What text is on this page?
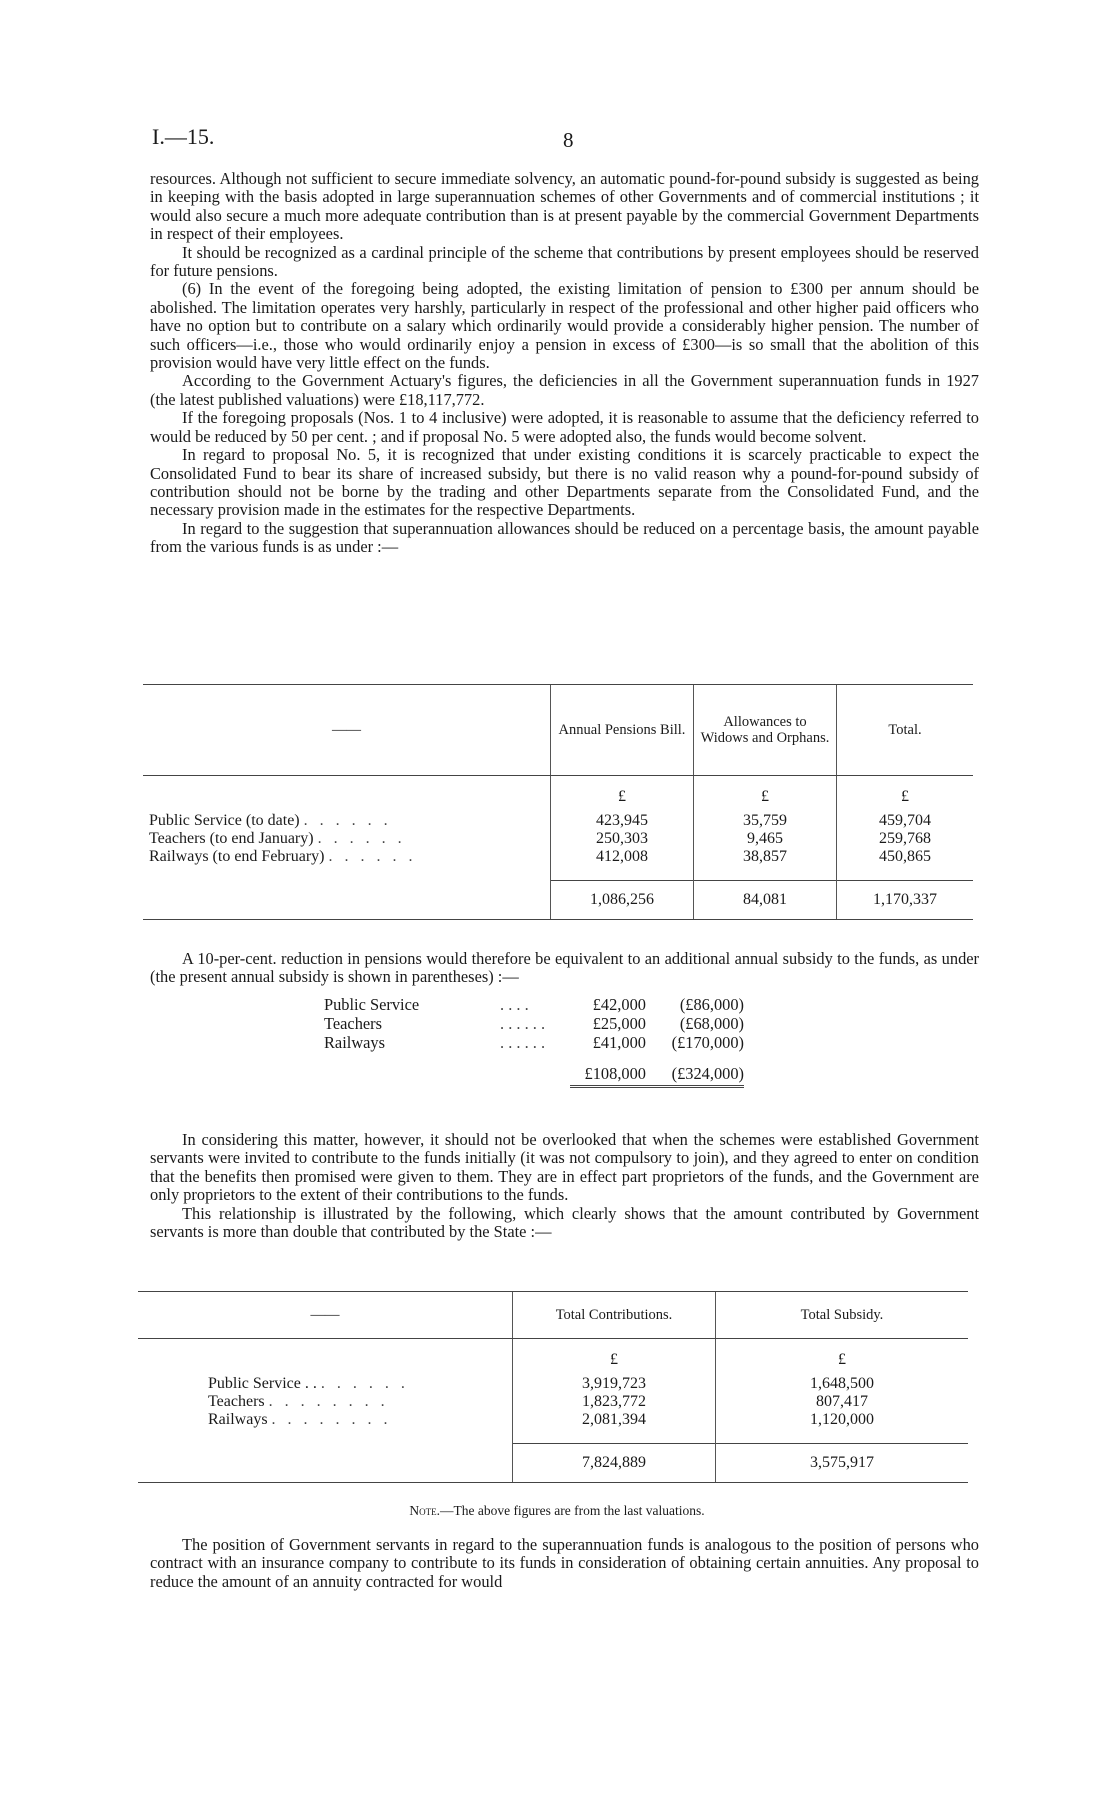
I.—15.	8

resources. Although not sufficient to secure immediate solvency, an automatic pound-for-pound subsidy is suggested as being in keeping with the basis adopted in large superannuation schemes of other Governments and of commercial institutions ; it would also secure a much more adequate contribution than is at present payable by the commercial Government Departments in respect of their employees.

It should be recognized as a cardinal principle of the scheme that contributions by present employees should be reserved for future pensions.

(6) In the event of the foregoing being adopted, the existing limitation of pension to £300 per annum should be abolished. The limitation operates very harshly, particularly in respect of the professional and other higher paid officers who have no option but to contribute on a salary which ordinarily would provide a considerably higher pension. The number of such officers—i.e., those who would ordinarily enjoy a pension in excess of £300—is so small that the abolition of this provision would have very little effect on the funds.

According to the Government Actuary's figures, the deficiencies in all the Government superannuation funds in 1927 (the latest published valuations) were £18,117,772.

If the foregoing proposals (Nos. 1 to 4 inclusive) were adopted, it is reasonable to assume that the deficiency referred to would be reduced by 50 per cent. ; and if proposal No. 5 were adopted also, the funds would become solvent.

In regard to proposal No. 5, it is recognized that under existing conditions it is scarcely practicable to expect the Consolidated Fund to bear its share of increased subsidy, but there is no valid reason why a pound-for-pound subsidy of contribution should not be borne by the trading and other Departments separate from the Consolidated Fund, and the necessary provision made in the estimates for the respective Departments.

In regard to the suggestion that superannuation allowances should be reduced on a percentage basis, the amount payable from the various funds is as under :—

——	Annual Pensions Bill.	Allowances to Widows and Orphans.	Total.
	£	£	£
Public Service (to date) . . . . . .	423,945	35,759	459,704
Teachers (to end January) . . . . . .	250,303	9,465	259,768
Railways (to end February) . . . . . .	412,008	38,857	450,865
	1,086,256	84,081	1,170,337

A 10-per-cent. reduction in pensions would therefore be equivalent to an additional annual subsidy to the funds, as under (the present annual subsidy is shown in parentheses) :—

Public Service	. . . .	£42,000	(£86,000)
Teachers	. . . . . .	£25,000	(£68,000)
Railways	. . . . . .	£41,000	(£170,000)
£108,000	(£324,000)

In considering this matter, however, it should not be overlooked that when the schemes were established Government servants were invited to contribute to the funds initially (it was not compulsory to join), and they agreed to enter on condition that the benefits then promised were given to them. They are in effect part proprietors of the funds, and the Government are only proprietors to the extent of their contributions to the funds.

This relationship is illustrated by the following, which clearly shows that the amount contributed by Government servants is more than double that contributed by the State :—

——	Total Contributions.	Total Subsidy.
	£	£
Public Service . . . . . . . .	3,919,723	1,648,500
Teachers . . . . . . . .	1,823,772	807,417
Railways . . . . . . . .	2,081,394	1,120,000
	7,824,889	3,575,917
Note.—The above figures are from the last valuations.

The position of Government servants in regard to the superannuation funds is analogous to the position of persons who contract with an insurance company to contribute to its funds in consideration of obtaining certain annuities. Any proposal to reduce the amount of an annuity contracted for would
